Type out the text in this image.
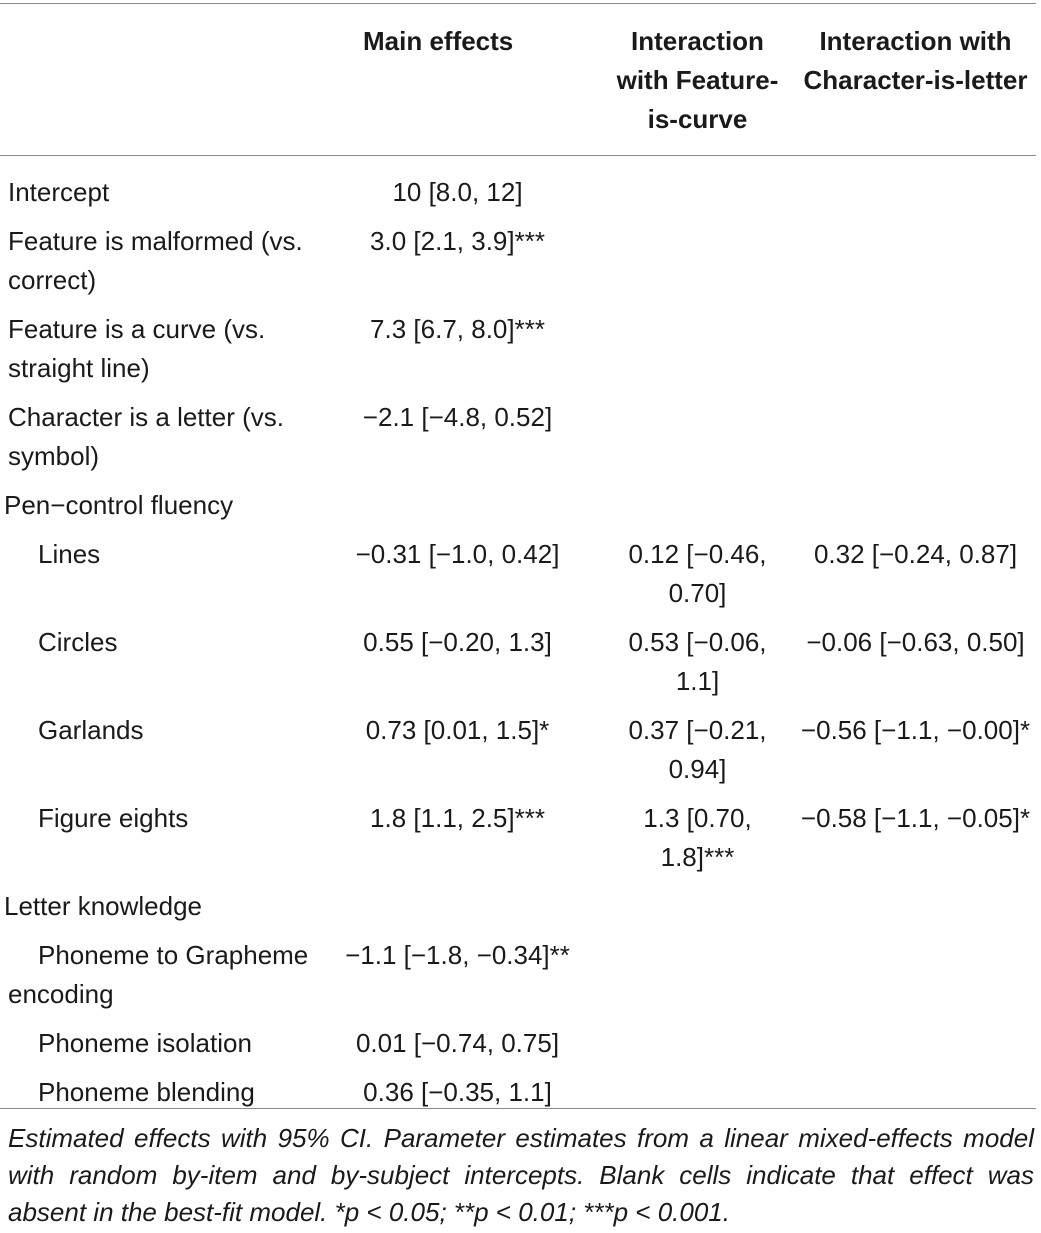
	Main effects	Interaction with Feature-is-curve	Interaction with Character-is-letter
Intercept	10 [8.0, 12]		
Feature is malformed (vs. correct)	3.0 [2.1, 3.9]***		
Feature is a curve (vs. straight line)	7.3 [6.7, 8.0]***		
Character is a letter (vs. symbol)	−2.1 [−4.8, 0.52]		
Pen−control fluency			
Lines	−0.31 [−1.0, 0.42]	0.12 [−0.46, 0.70]	0.32 [−0.24, 0.87]
Circles	0.55 [−0.20, 1.3]	0.53 [−0.06, 1.1]	−0.06 [−0.63, 0.50]
Garlands	0.73 [0.01, 1.5]*	0.37 [−0.21, 0.94]	−0.56 [−1.1, −0.00]*
Figure eights	1.8 [1.1, 2.5]***	1.3 [0.70, 1.8]***	−0.58 [−1.1, −0.05]*
Letter knowledge			
Phoneme to Grapheme encoding	−1.1 [−1.8, −0.34]**		
Phoneme isolation	0.01 [−0.74, 0.75]		
Phoneme blending	0.36 [−0.35, 1.1]		
Estimated effects with 95% CI. Parameter estimates from a linear mixed-effects model with random by-item and by-subject intercepts. Blank cells indicate that effect was absent in the best-fit model. *p < 0.05; **p < 0.01; ***p < 0.001.
